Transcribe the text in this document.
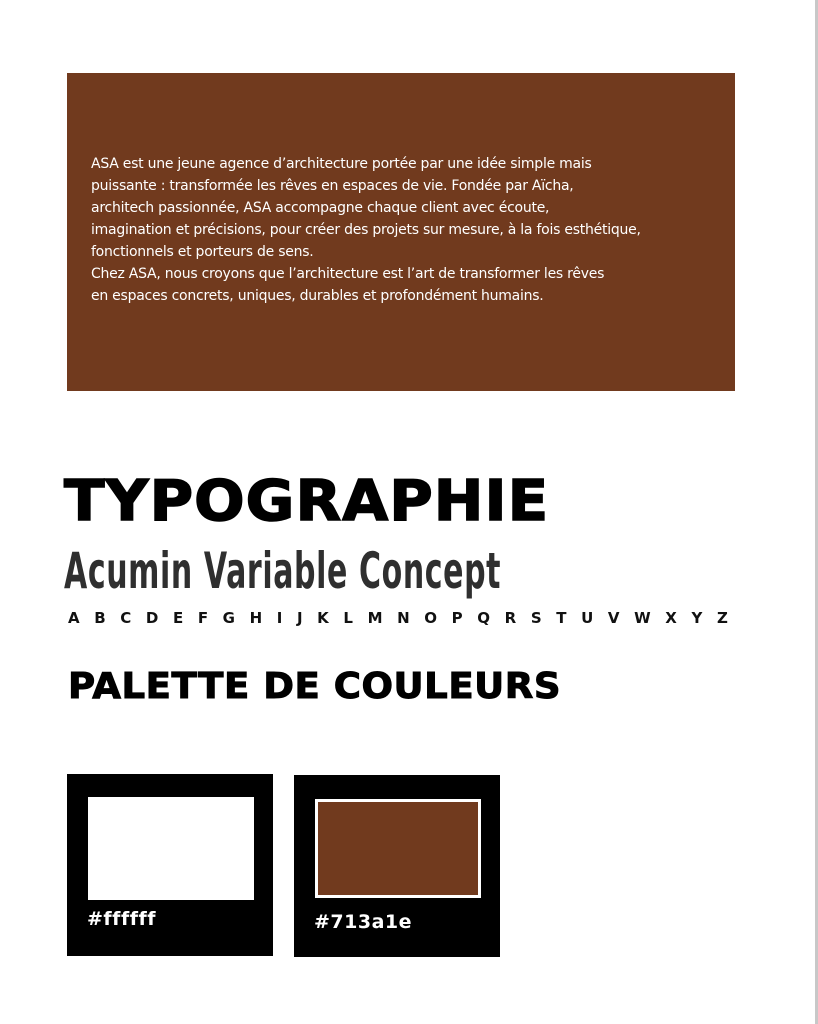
ASA est une jeune agence d’architecture portée par une idée simple mais
puissante : transformée les rêves en espaces de vie. Fondée par Aïcha,
architech passionnée, ASA accompagne chaque client avec écoute,
imagination et précisions, pour créer des projets sur mesure, à la fois esthétique,
fonctionnels et porteurs de sens.
Chez ASA, nous croyons que l’architecture est l’art de transformer les rêves
en espaces concrets, uniques, durables et profondément humains.

TYPOGRAPHIE
Acumin Variable Concept
A B C D E F G H I J K L M N O P Q R S T U V W X Y Z
PALETTE DE COULEURS
#ffffff	#713a1e
